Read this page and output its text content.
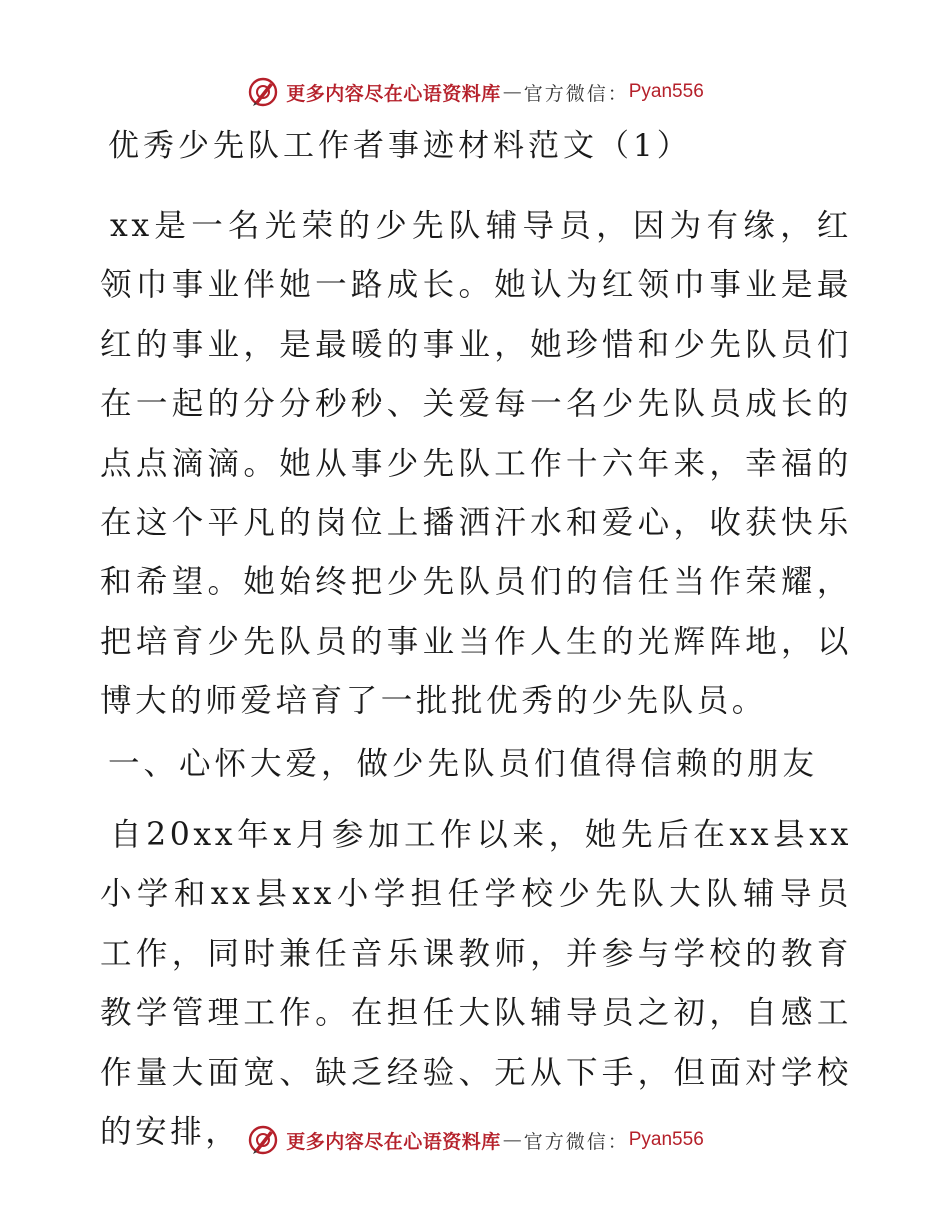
更多内容尽在心语资料库 — 官方微信： Pyan556
优秀少先队工作者事迹材料范文（1）

xx是一名光荣的少先队辅导员，因为有缘，红领巾事业伴她一路成长。她认为红领巾事业是最红的事业，是最暖的事业，她珍惜和少先队员们在一起的分分秒秒、关爱每一名少先队员成长的点点滴滴。她从事少先队工作十六年来，幸福的在这个平凡的岗位上播洒汗水和爱心，收获快乐和希望。她始终把少先队员们的信任当作荣耀，把培育少先队员的事业当作人生的光辉阵地，以博大的师爱培育了一批批优秀的少先队员。

一、心怀大爱，做少先队员们值得信赖的朋友

自20xx年x月参加工作以来，她先后在xx县xx小学和xx县xx小学担任学校少先队大队辅导员工作，同时兼任音乐课教师，并参与学校的教育教学管理工作。在担任大队辅导员之初，自感工作量大面宽、缺乏经验、无从下手，但面对学校的安排，	更多内容尽在心语资料库 — 官方微信： Pyan556
